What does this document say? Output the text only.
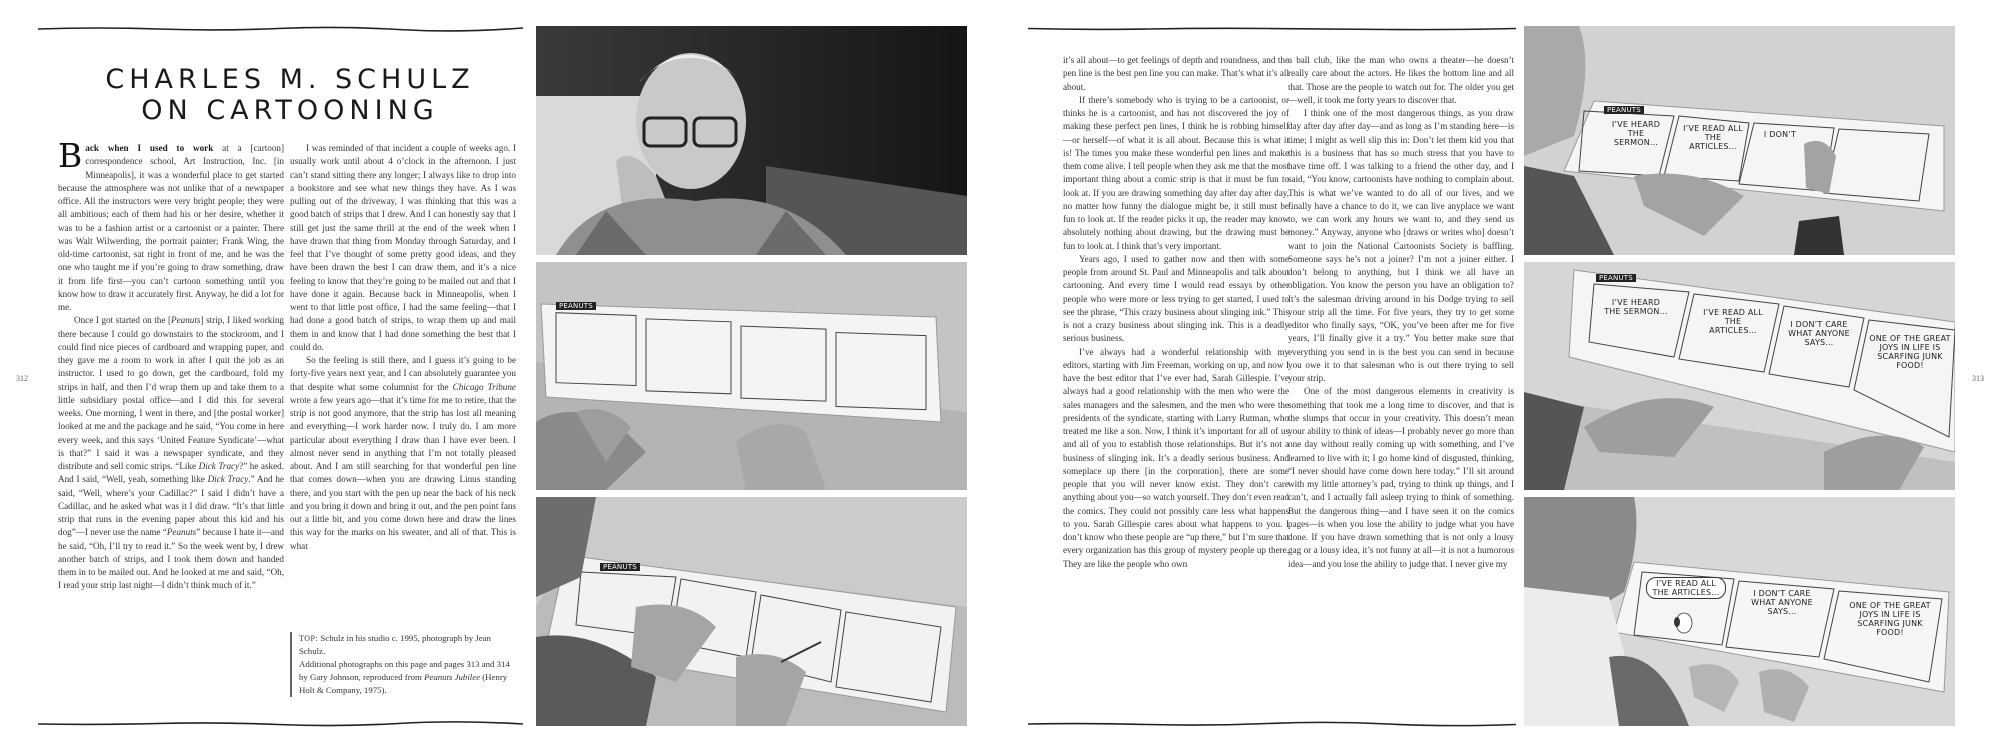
CHARLES M. SCHULZ
ON CARTOONING
312	313

Back when I used to work at a [cartoon] correspondence school, Art Instruction, Inc. [in Minneapolis], it was a wonderful place to get started because the atmosphere was not unlike that of a newspaper office. All the instructors were very bright people; they were all ambitious; each of them had his or her desire, whether it was to be a fashion artist or a cartoonist or a painter. There was Walt Wilwerding, the portrait painter; Frank Wing, the old-time cartoonist, sat right in front of me, and he was the one who taught me if you’re going to draw something, draw it from life first—you can’t cartoon something until you know how to draw it accurately first. Anyway, he did a lot for me.

Once I got started on the [Peanuts] strip, I liked working there because I could go downstairs to the stockroom, and I could find nice pieces of cardboard and wrapping paper, and they gave me a room to work in after I quit the job as an instructor. I used to go down, get the cardboard, fold my strips in half, and then I’d wrap them up and take them to a little subsidiary postal office—and I did this for several weeks. One morning, I went in there, and [the postal worker] looked at me and the package and he said, “You come in here every week, and this says ‘United Feature Syndicate’—what is that?” I said it was a newspaper syndicate, and they distribute and sell comic strips. “Like Dick Tracy?” he asked. And I said, “Well, yeah, something like Dick Tracy.” And he said, “Well, where’s your Cadillac?” I said I didn’t have a Cadillac, and he asked what was it I did draw. “It’s that little strip that runs in the evening paper about this kid and his dog”—I never use the name “Peanuts” because I hate it—and he said, “Oh, I’ll try to read it.” So the week went by, I drew another batch of strips, and I took them down and handed them in to be mailed out. And he looked at me and said, “Oh, I read your strip last night—I didn’t think much of it.”

I was reminded of that incident a couple of weeks ago. I usually work until about 4 o’clock in the afternoon. I just can’t stand sitting there any longer; I always like to drop into a bookstore and see what new things they have. As I was pulling out of the driveway, I was thinking that this was a good batch of strips that I drew. And I can honestly say that I still get just the same thrill at the end of the week when I have drawn that thing from Monday through Saturday, and I feel that I’ve thought of some pretty good ideas, and they have been drawn the best I can draw them, and it’s a nice feeling to know that they’re going to be mailed out and that I have done it again. Because back in Minneapolis, when I went to that little post office, I had the same feeling—that I had done a good batch of strips, to wrap them up and mail them in and know that I had done something the best that I could do.

So the feeling is still there, and I guess it’s going to be forty-five years next year, and I can absolutely guarantee you that despite what some columnist for the Chicago Tribune wrote a few years ago—that it’s time for me to retire, that the strip is not good anymore, that the strip has lost all meaning and everything—I work harder now. I truly do. I am more particular about everything I draw than I have ever been. I almost never send in anything that I’m not totally pleased about. And I am still searching for that wonderful pen line that comes down—when you are drawing Linus standing there, and you start with the pen up near the back of his neck and you bring it down and bring it out, and the pen point fans out a little bit, and you come down here and draw the lines this way for the marks on his sweater, and all of that. This is what

TOP: Schulz in his studio c. 1995, photograph by Jean Schulz.
Additional photographs on this page and pages 313 and 314 by Gary Johnson, reproduced from Peanuts Jubilee (Henry Holt & Company, 1975).
PEANUTS
PEANUTS

it’s all about—to get feelings of depth and roundness, and the pen line is the best pen line you can make. That’s what it’s all about.

If there’s somebody who is trying to be a cartoonist, or thinks he is a cartoonist, and has not discovered the joy of making these perfect pen lines, I think he is robbing himself—or herself—of what it is all about. Because this is what it is! The times you make these wonderful pen lines and make them come alive. I tell people when they ask me that the most important thing about a comic strip is that it must be fun to look at. If you are drawing something day after day after day, no matter how funny the dialogue might be, it still must be fun to look at. If the reader picks it up, the reader may know absolutely nothing about drawing, but the drawing must be fun to look at. I think that’s very important.

Years ago, I used to gather now and then with some people from around St. Paul and Minneapolis and talk about cartooning. And every time I would read essays by other people who were more or less trying to get started, I used to see the phrase, “This crazy business about slinging ink.” This is not a crazy business about slinging ink. This is a deadly serious business.

I’ve always had a wonderful relationship with my editors, starting with Jim Freeman, working on up, and now I have the best editor that I’ve ever had, Sarah Gillespie. I’ve always had a good relationship with the men who were the sales managers and the salesmen, and the men who were the presidents of the syndicate, starting with Larry Rutman, who treated me like a son. Now, I think it’s important for all of us and all of you to establish those relationships. But it’s not a business of slinging ink. It’s a deadly serious business. And someplace up there [in the corporation], there are some people that you will never know exist. They don’t care anything about you—so watch yourself. They don’t even read the comics. They could not possibly care less what happens to you. Sarah Gillespie cares about what happens to you. I don’t know who these people are “up there,” but I’m sure that every organization has this group of mystery people up there. They are like the people who own

a ball club, like the man who owns a theater—he doesn’t really care about the actors. He likes the bottom line and all that. Those are the people to watch out for. The older you get—well, it took me forty years to discover that.

I think one of the most dangerous things, as you draw day after day after day—and as long as I’m standing here—is time; I might as well slip this in: Don’t let them kid you that this is a business that has so much stress that you have to have time off. I was talking to a friend the other day, and I said, “You know, cartoonists have nothing to complain about. This is what we’ve wanted to do all of our lives, and we finally have a chance to do it, we can live anyplace we want to, we can work any hours we want to, and they send us money.” Anyway, anyone who [draws or writes who] doesn’t want to join the National Cartoonists Society is baffling. Someone says he’s not a joiner? I’m not a joiner either. I don’t belong to anything, but I think we all have an obligation. You know the person you have an obligation to? It’s the salesman driving around in his Dodge trying to sell your strip all the time. For five years, they try to get some editor who finally says, “OK, you’ve been after me for five years, I’ll finally give it a try.” You better make sure that everything you send in is the best you can send in because you owe it to that salesman who is out there trying to sell your strip.

One of the most dangerous elements in creativity is something that took me a long time to discover, and that is the slumps that occur in your creativity. This doesn’t mean your ability to think of ideas—I probably never go more than one day without really coming up with something, and I’ve learned to live with it; I go home kind of disgusted, thinking, “I never should have come down here today.” I’ll sit around with my little attorney’s pad, trying to think up things, and I can’t, and I actually fall asleep trying to think of something. But the dangerous thing—and I have seen it on the comics pages—is when you lose the ability to judge what you have done. If you have drawn something that is not only a lousy gag or a lousy idea, it’s not funny at all—it is not a humorous idea—and you lose the ability to judge that. I never give my

PEANUTS
I’VE HEARD THE SERMON…
I’VE READ ALL THE ARTICLES…
I DON’T
PEANUTS
I’VE HEARD THE SERMON…	I’VE READ ALL THE ARTICLES…
I DON’T CARE WHAT ANYONE SAYS…	ONE OF THE GREAT JOYS IN LIFE IS SCARFING JUNK FOOD!
I’VE READ ALL THE ARTICLES…	I DON’T CARE WHAT ANYONE SAYS…
ONE OF THE GREAT JOYS IN LIFE IS SCARFING JUNK FOOD!
